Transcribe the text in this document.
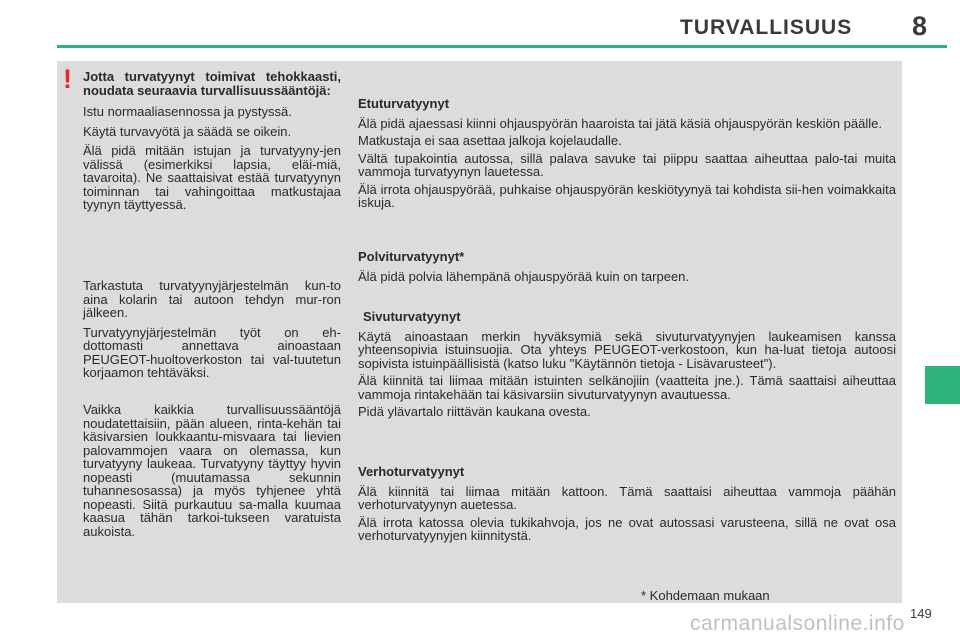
TURVALLISUUS 8
! Jotta turvatyynyt toimivat tehokkaasti, noudata seuraavia turvallisuussääntöjä:

Istu normaaliasennossa ja pystyssä.

Käytä turvavyötä ja säädä se oikein.

Älä pidä mitään istujan ja turvatyyny-jen välissä (esimerkiksi lapsia, eläi-miä, tavaroita). Ne saattaisivat estää turvatyynyn toiminnan tai vahingoittaa matkustajaa tyynyn täyttyessä.

Tarkastuta turvatyynyjärjestelmän kun-to aina kolarin tai autoon tehdyn mur-ron jälkeen.

Turvatyynyjärjestelmän työt on eh-dottomasti annettava ainoastaan PEUGEOT-huoltoverkoston tai val-tuutetun korjaamon tehtäväksi.

Vaikka kaikkia turvallisuussääntöjä noudatettaisiin, pään alueen, rinta-kehän tai käsivarsien loukkaantu-misvaara tai lievien palovammojen vaara on olemassa, kun turvatyyny laukeaa. Turvatyyny täyttyy hyvin nopeasti (muutamassa sekunnin tuhannesosassa) ja myös tyhjenee yhtä nopeasti. Siitä purkautuu sa-malla kuumaa kaasua tähän tarkoi-tukseen varatuista aukoista.

Etuturvatyynyt

Älä pidä ajaessasi kiinni ohjauspyörän haaroista tai jätä käsiä ohjauspyörän keskiön päälle.

Matkustaja ei saa asettaa jalkoja kojelaudalle.

Vältä tupakointia autossa, sillä palava savuke tai piippu saattaa aiheuttaa palo-tai muita vammoja turvatyynyn lauetessa.

Älä irrota ohjauspyörää, puhkaise ohjauspyörän keskiötyynyä tai kohdista sii-hen voimakkaita iskuja.

Polviturvatyynyt*

Älä pidä polvia lähempänä ohjauspyörää kuin on tarpeen.

Sivuturvatyynyt

Käytä ainoastaan merkin hyväksymiä sekä sivuturvatyynyjen laukeamisen kanssa yhteensopivia istuinsuojia. Ota yhteys PEUGEOT-verkostoon, kun ha-luat tietoja autoosi sopivista istuinpäällisistä (katso luku "Käytännön tietoja - Lisävarusteet").

Älä kiinnitä tai liimaa mitään istuinten selkänojiin (vaatteita jne.). Tämä saattaisi aiheuttaa vammoja rintakehään tai käsivarsiin sivuturvatyynyn avautuessa.

Pidä ylävartalo riittävän kaukana ovesta.

Verhoturvatyynyt

Älä kiinnitä tai liimaa mitään kattoon. Tämä saattaisi aiheuttaa vammoja päähän verhoturvatyynyn auetessa.

Älä irrota katossa olevia tukikahvoja, jos ne ovat autossasi varusteena, sillä ne ovat osa verhoturvatyynyjen kiinnitystä.

* Kohdemaan mukaan
149
carmanualsonline.info
